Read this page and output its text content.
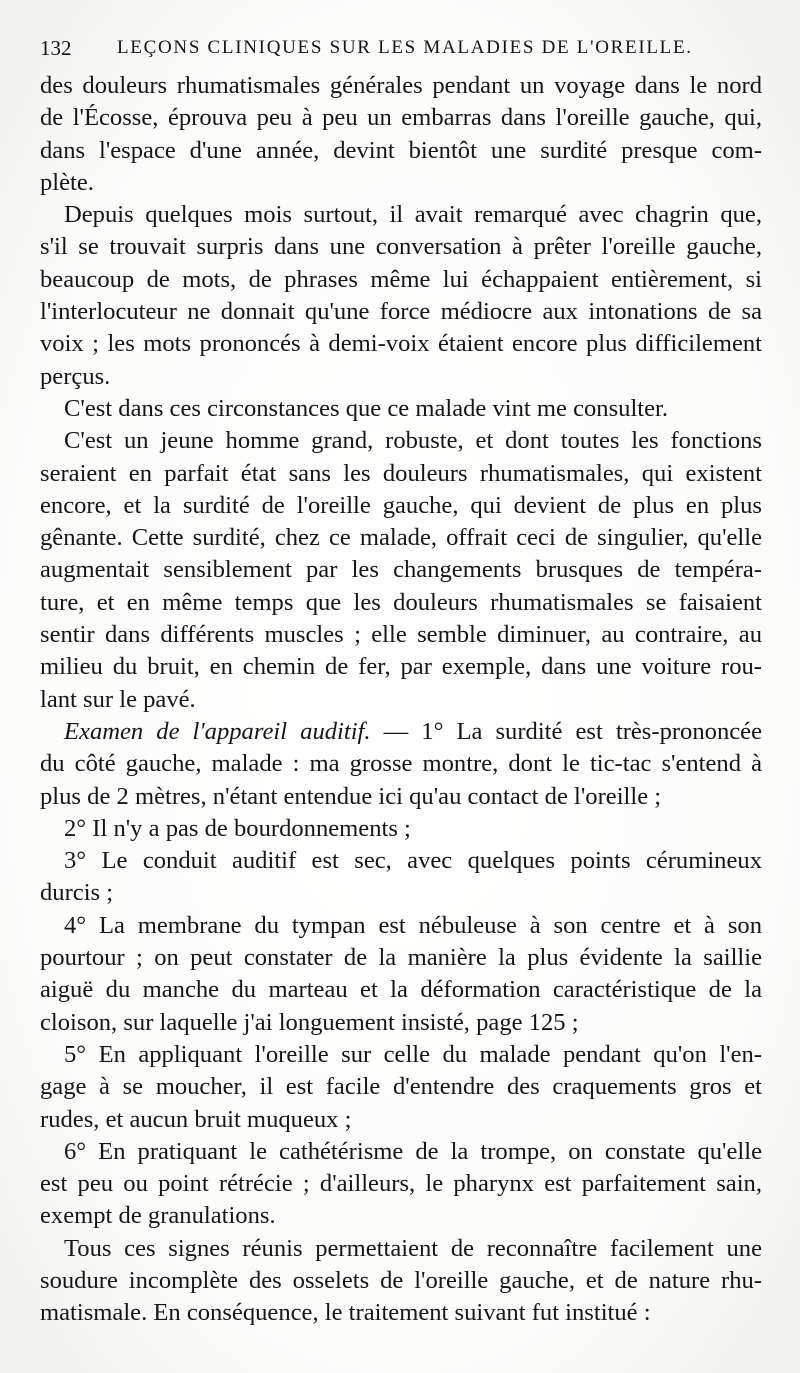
132 LEÇONS CLINIQUES SUR LES MALADIES DE L'OREILLE.
des douleurs rhumatismales générales pendant un voyage dans le nord
de l'Écosse, éprouva peu à peu un embarras dans l'oreille gauche, qui,
dans l'espace d'une année, devint bientôt une surdité presque com-
plète.
Depuis quelques mois surtout, il avait remarqué avec chagrin que,
s'il se trouvait surpris dans une conversation à prêter l'oreille gauche,
beaucoup de mots, de phrases même lui échappaient entièrement, si
l'interlocuteur ne donnait qu'une force médiocre aux intonations de sa
voix ; les mots prononcés à demi-voix étaient encore plus difficilement
perçus.
C'est dans ces circonstances que ce malade vint me consulter.
C'est un jeune homme grand, robuste, et dont toutes les fonctions
seraient en parfait état sans les douleurs rhumatismales, qui existent
encore, et la surdité de l'oreille gauche, qui devient de plus en plus
gênante. Cette surdité, chez ce malade, offrait ceci de singulier, qu'elle
augmentait sensiblement par les changements brusques de tempéra-
ture, et en même temps que les douleurs rhumatismales se faisaient
sentir dans différents muscles ; elle semble diminuer, au contraire, au
milieu du bruit, en chemin de fer, par exemple, dans une voiture rou-
lant sur le pavé.
Examen de l'appareil auditif. — 1° La surdité est très-prononcée
du côté gauche, malade : ma grosse montre, dont le tic-tac s'entend à
plus de 2 mètres, n'étant entendue ici qu'au contact de l'oreille ;
2° Il n'y a pas de bourdonnements ;
3° Le conduit auditif est sec, avec quelques points cérumineux
durcis ;
4° La membrane du tympan est nébuleuse à son centre et à son
pourtour ; on peut constater de la manière la plus évidente la saillie
aiguë du manche du marteau et la déformation caractéristique de la
cloison, sur laquelle j'ai longuement insisté, page 125 ;
5° En appliquant l'oreille sur celle du malade pendant qu'on l'en-
gage à se moucher, il est facile d'entendre des craquements gros et
rudes, et aucun bruit muqueux ;
6° En pratiquant le cathétérisme de la trompe, on constate qu'elle
est peu ou point rétrécie ; d'ailleurs, le pharynx est parfaitement sain,
exempt de granulations.
Tous ces signes réunis permettaient de reconnaître facilement une
soudure incomplète des osselets de l'oreille gauche, et de nature rhu-
matismale. En conséquence, le traitement suivant fut institué :
